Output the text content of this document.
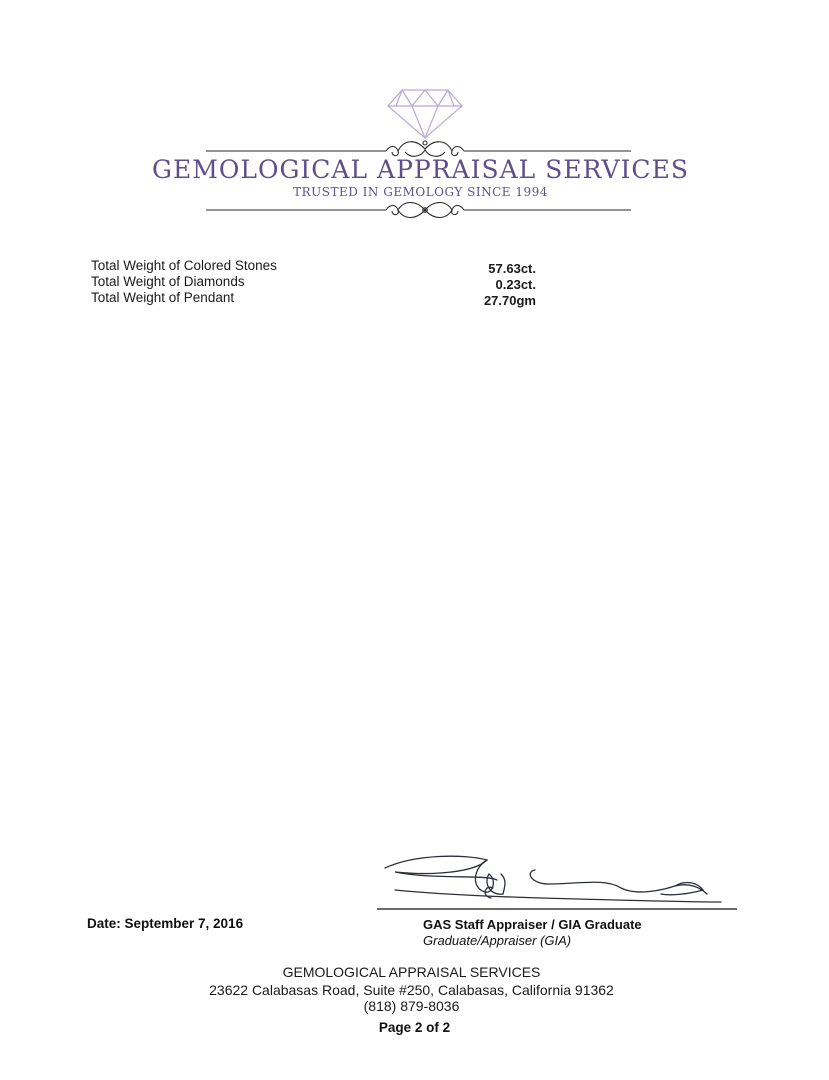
GEMOLOGICAL APPRAISAL SERVICES
TRUSTED IN GEMOLOGY SINCE 1994
Total Weight of Colored Stones	57.63ct.
Total Weight of Diamonds	0.23ct.
Total Weight of Pendant	27.70gm
Date: September 7, 2016	GAS Staff Appraiser / GIA Graduate
Graduate/Appraiser (GIA)
GEMOLOGICAL APPRAISAL SERVICES
23622 Calabasas Road, Suite #250, Calabasas, California 91362
(818) 879-8036
Page 2 of 2
